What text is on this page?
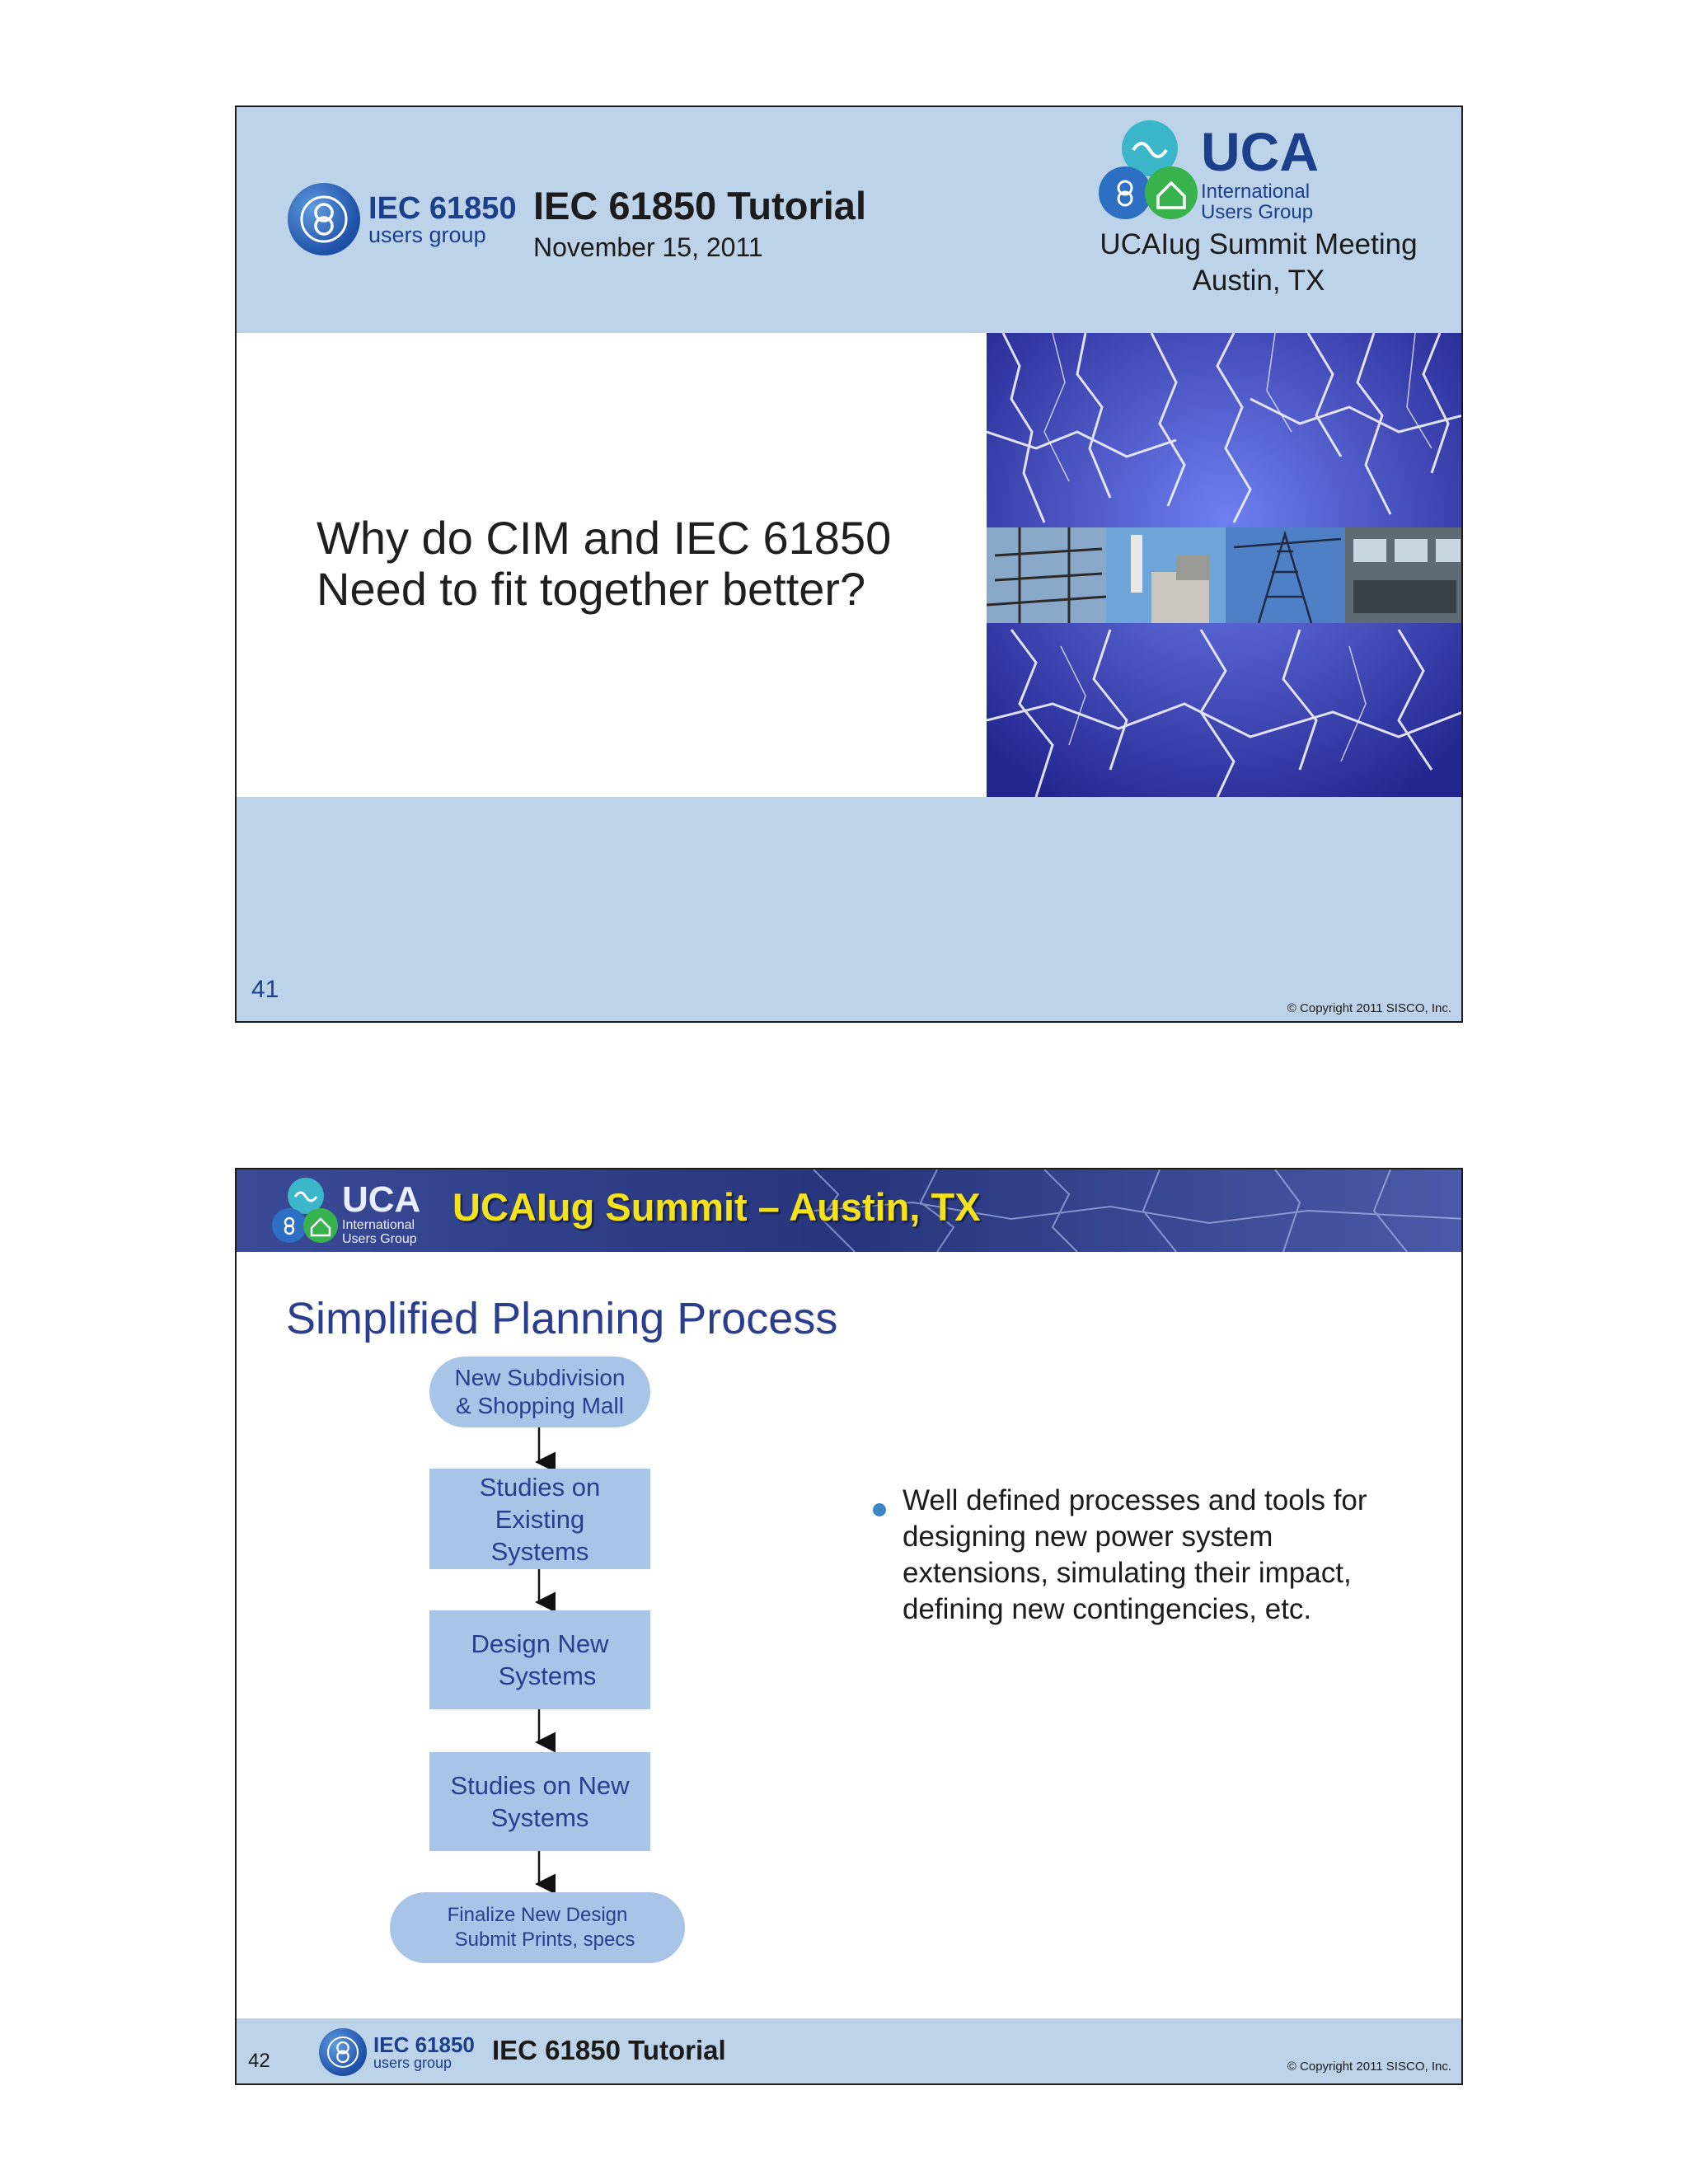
IEC 61850
users group
IEC 61850 Tutorial
November 15, 2011
UCA
International
Users Group
UCAIug Summit Meeting
Austin, TX
Why do CIM and IEC 61850
Need to fit together better?
41
© Copyright 2011 SISCO, Inc.
UCA
International
Users Group
UCAIug Summit – Austin, TX
Simplified Planning Process
New Subdivision
& Shopping Mall
Studies on
Existing
Systems
Design New
Systems
Studies on New
Systems
Finalize New Design
Submit Prints, specs
Well defined processes and tools for designing new power system extensions, simulating their impact, defining new contingencies, etc.
42
IEC 61850
users group	IEC 61850 Tutorial
© Copyright 2011 SISCO, Inc.
